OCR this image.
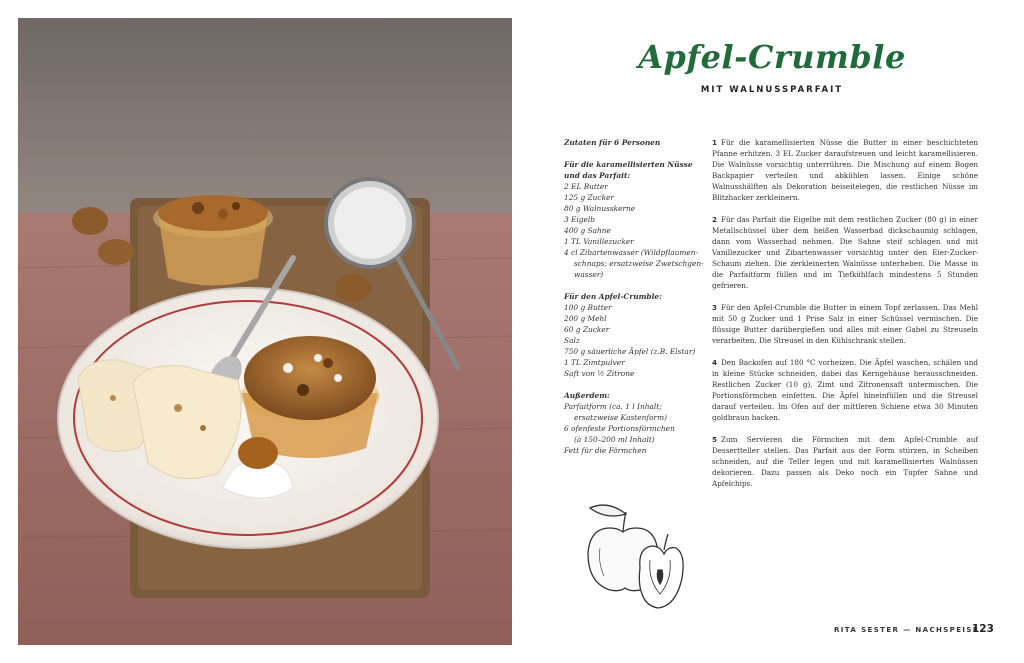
Apfel-Crumble
MIT WALNUSSPARFAIT
Zutaten für 6 Personen
Für die karamellisierten Nüsse
und das Parfait:
2 EL Butter
125 g Zucker
80 g Walnusskerne
3 Eigelb
400 g Sahne
1 TL Vanillezucker
4 cl Zibartenwasser (Wildpflaumen-
schnaps; ersatzweise Zwetschgen-
wasser)
Für den Apfel-Crumble:
100 g Butter
200 g Mehl
60 g Zucker
Salz
750 g säuerliche Äpfel (z.B. Elstar)
1 TL Zimtpulver
Saft von ½ Zitrone
Außerdem:
Parfaitform (ca. 1 l Inhalt;
ersatzweise Kastenform)
6 ofenfeste Portionsförmchen
(à 150–200 ml Inhalt)
Fett für die Förmchen
1 Für die karamellisierten Nüsse die Butter in einer beschichteten Pfanne erhitzen. 3 EL Zucker daraufstreuen und leicht karamellisieren. Die Walnüsse vorsichtig unterrühren. Die Mischung auf einem Bogen Backpapier verteilen und abkühlen lassen. Einige schöne Walnusshälften als Dekoration beiseitelegen, die restlichen Nüsse im Blitzhacker zerkleinern.
2 Für das Parfait die Eigelbe mit dem restlichen Zucker (80 g) in einer Metallschüssel über dem heißen Wasserbad dickschaumig schlagen, dann vom Wasserbad nehmen. Die Sahne steif schlagen und mit Vanillezucker und Zibartenwasser vorsichtig unter den Eier-Zucker-Schaum ziehen. Die zerkleinerten Walnüsse unterheben. Die Masse in die Parfaitform füllen und im Tiefkühlfach mindestens 5 Stunden gefrieren.
3 Für den Apfel-Crumble die Butter in einem Topf zerlassen. Das Mehl mit 50 g Zucker und 1 Prise Salz in einer Schüssel vermischen. Die flüssige Butter darübergießen und alles mit einer Gabel zu Streuseln verarbeiten. Die Streusel in den Kühlschrank stellen.
4 Den Backofen auf 180 °C vorheizen. Die Äpfel waschen, schälen und in kleine Stücke schneiden, dabei das Kerngehäuse herausschneiden. Restlichen Zucker (10 g), Zimt und Zitronensaft untermischen. Die Portionsförmchen einfetten. Die Äpfel hineinfüllen und die Streusel darauf verteilen. Im Ofen auf der mittleren Schiene etwa 30 Minuten goldbraun backen.
5 Zum Servieren die Förmchen mit dem Apfel-Crumble auf Dessertteller stellen. Das Parfait aus der Form stürzen, in Scheiben schneiden, auf die Teller legen und mit karamellisierten Walnüssen dekorieren. Dazu passen als Deko noch ein Tupfer Sahne und Apfelchips.
RITA SESTER — NACHSPEISE
123
